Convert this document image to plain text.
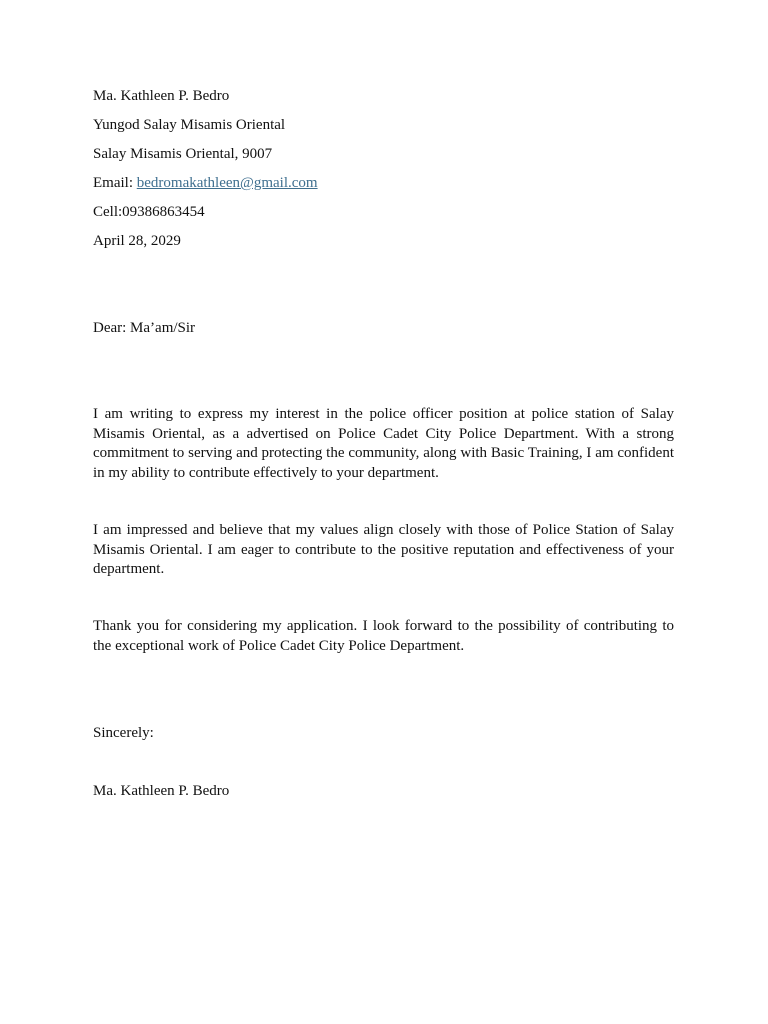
Ma. Kathleen P. Bedro
Yungod Salay Misamis Oriental
Salay Misamis Oriental, 9007
Email: bedromakathleen@gmail.com
Cell:09386863454
April 28, 2029
Dear: Ma’am/Sir
I am writing to express my interest in the police officer position at police station of Salay Misamis Oriental, as a advertised on Police Cadet City Police Department. With a strong commitment to serving and protecting the community, along with Basic Training, I am confident in my ability to contribute effectively to your department.
I am impressed and believe that my values align closely with those of Police Station of Salay Misamis Oriental. I am eager to contribute to the positive reputation and effectiveness of your department.
Thank you for considering my application. I look forward to the possibility of contributing to the exceptional work of Police Cadet City Police Department.
Sincerely:
Ma. Kathleen P. Bedro
